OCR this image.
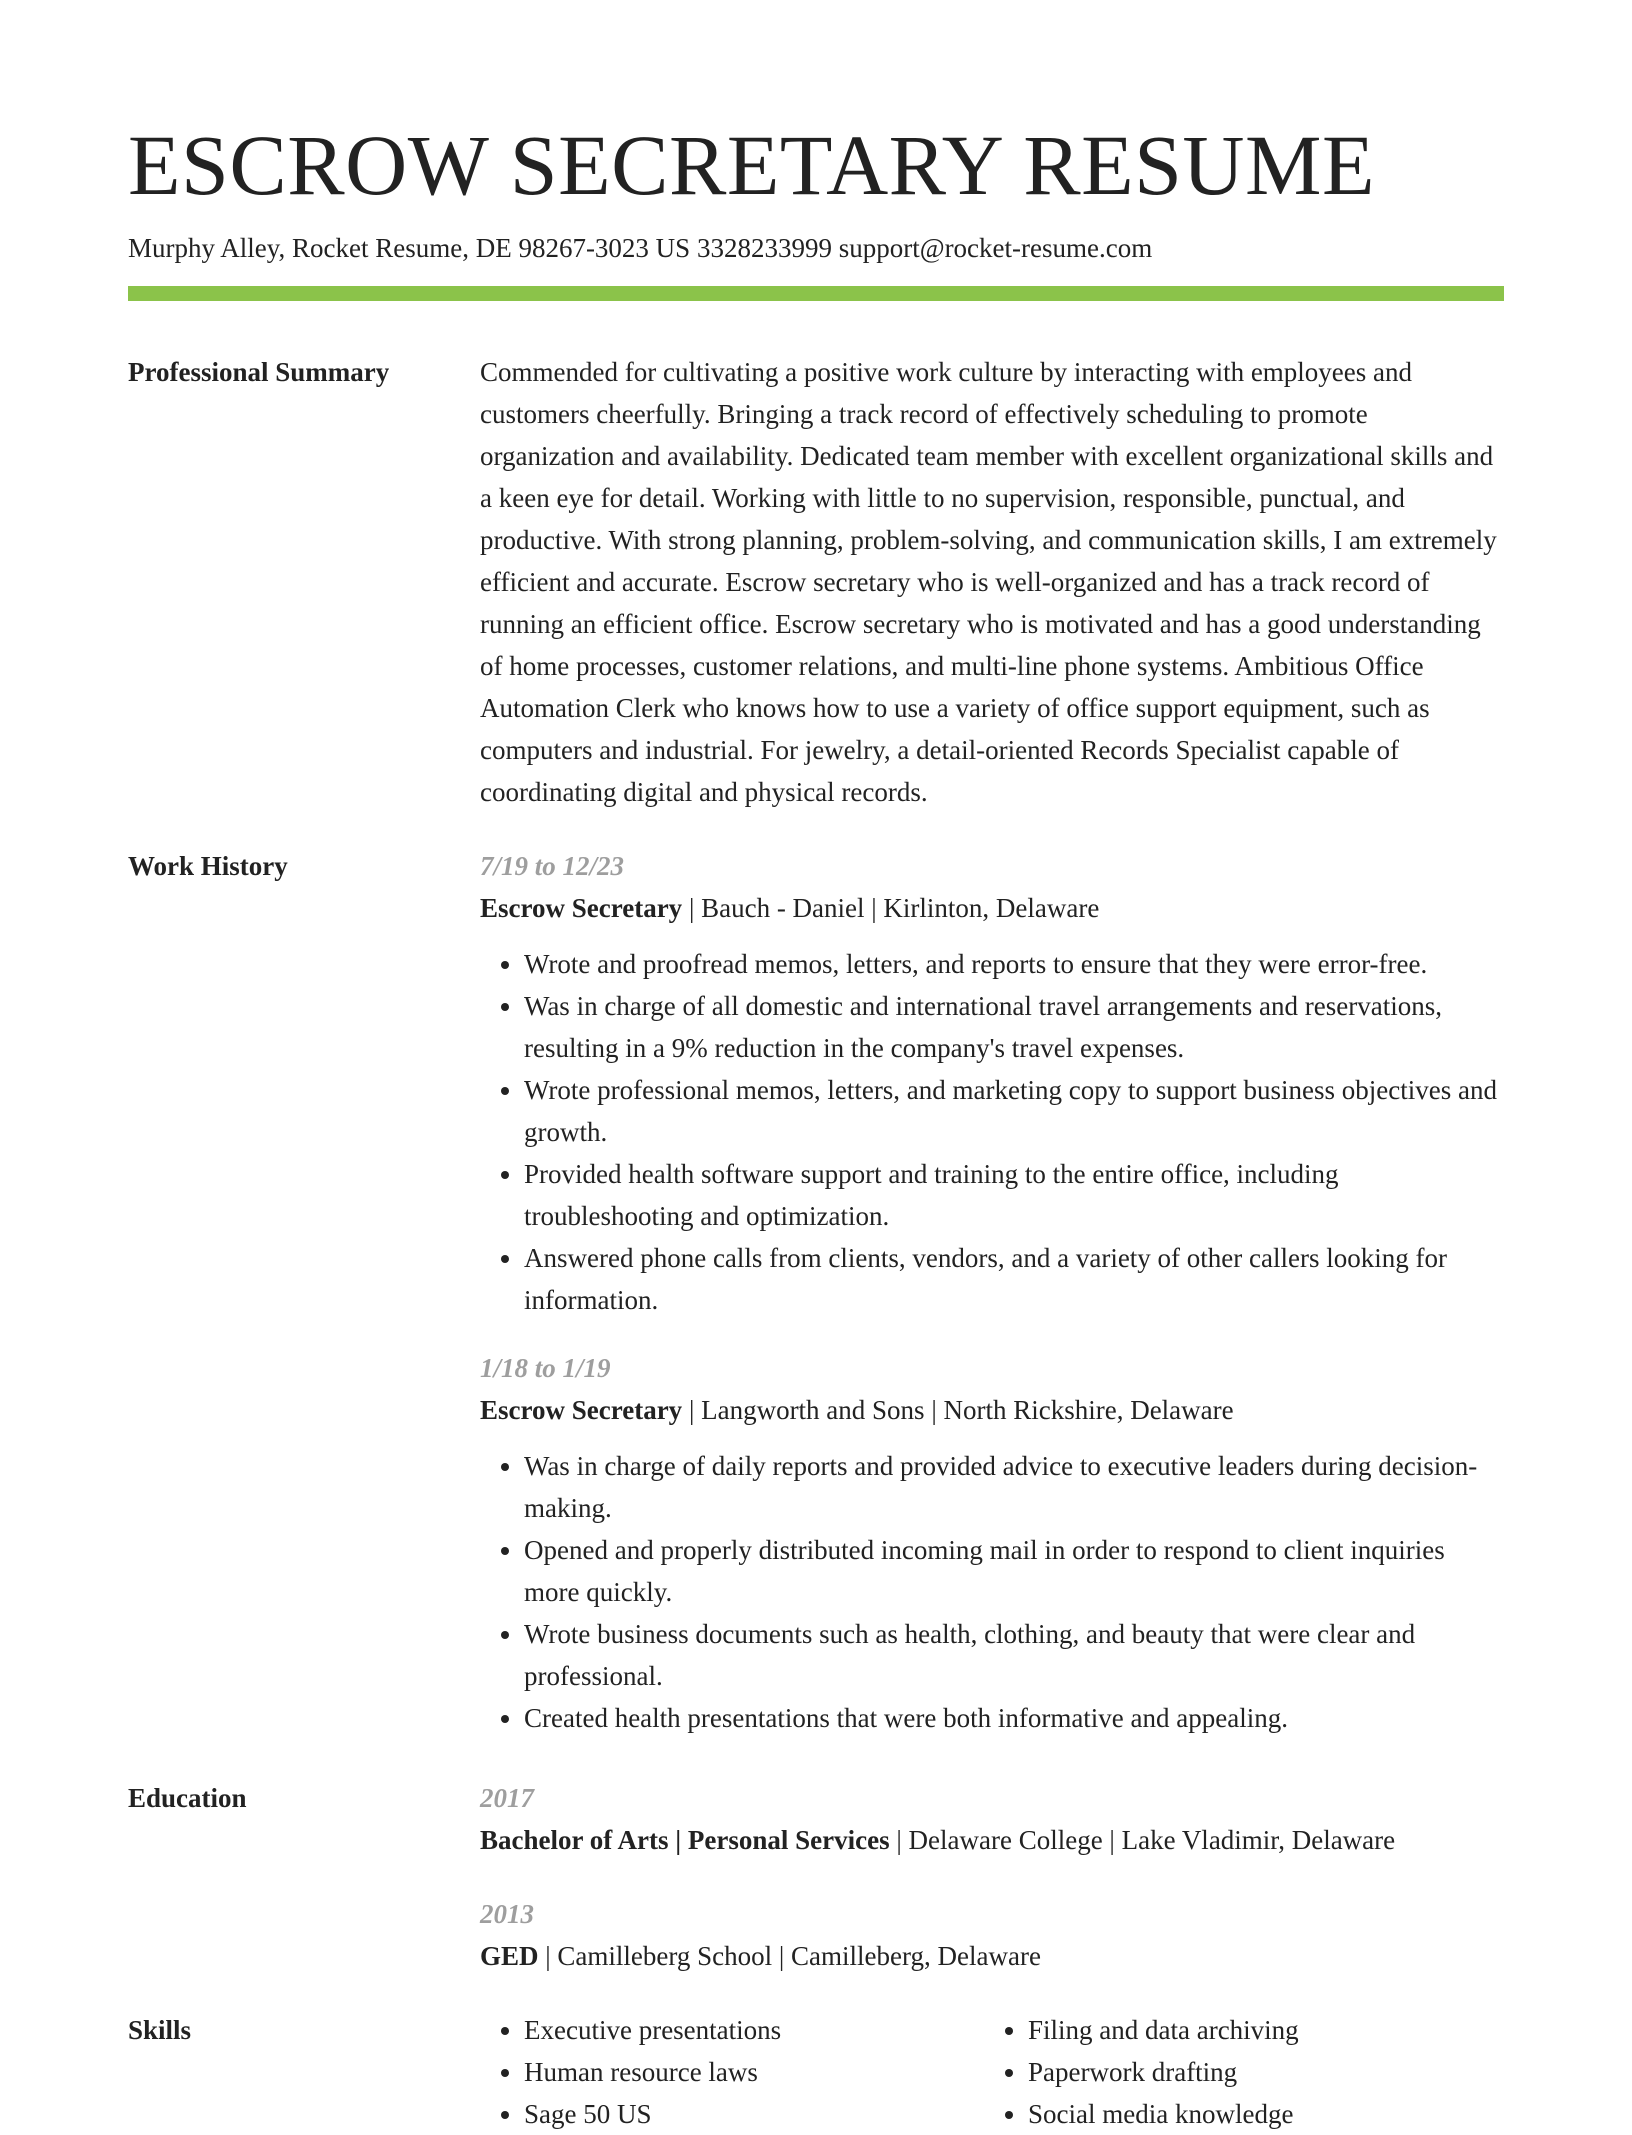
ESCROW SECRETARY RESUME
Murphy Alley, Rocket Resume, DE 98267-3023 US 3328233999 support@rocket-resume.com
Professional Summary	Commended for cultivating a positive work culture by interacting with employees and customers cheerfully. Bringing a track record of effectively scheduling to promote organization and availability. Dedicated team member with excellent organizational skills and a keen eye for detail. Working with little to no supervision, responsible, punctual, and productive. With strong planning, problem-solving, and communication skills, I am extremely efficient and accurate. Escrow secretary who is well-organized and has a track record of running an efficient office. Escrow secretary who is motivated and has a good understanding of home processes, customer relations, and multi-line phone systems. Ambitious Office Automation Clerk who knows how to use a variety of office support equipment, such as computers and industrial. For jewelry, a detail-oriented Records Specialist capable of coordinating digital and physical records.
Work History	7/19 to 12/23
Escrow Secretary | Bauch - Daniel | Kirlinton, Delaware
• Wrote and proofread memos, letters, and reports to ensure that they were error-free.
• Was in charge of all domestic and international travel arrangements and reservations, resulting in a 9% reduction in the company's travel expenses.
• Wrote professional memos, letters, and marketing copy to support business objectives and growth.
• Provided health software support and training to the entire office, including troubleshooting and optimization.
• Answered phone calls from clients, vendors, and a variety of other callers looking for information.
1/18 to 1/19
Escrow Secretary | Langworth and Sons | North Rickshire, Delaware
• Was in charge of daily reports and provided advice to executive leaders during decision-making.
• Opened and properly distributed incoming mail in order to respond to client inquiries more quickly.
• Wrote business documents such as health, clothing, and beauty that were clear and professional.
• Created health presentations that were both informative and appealing.
Education	2017
Bachelor of Arts | Personal Services | Delaware College | Lake Vladimir, Delaware
2013
GED | Camilleberg School | Camilleberg, Delaware
Skills
•	Executive presentations
• Human resource laws
• Sage 50 US
• Filing and data archiving
• Paperwork drafting
• Social media knowledge
